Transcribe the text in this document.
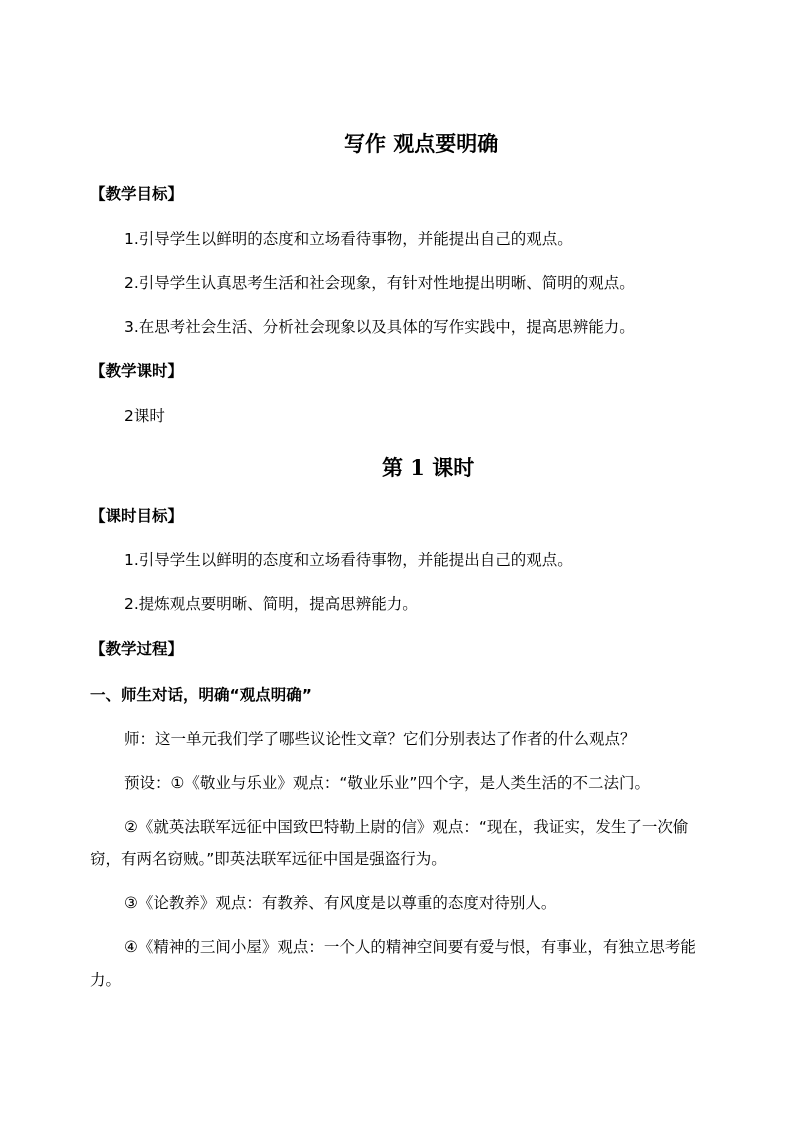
写作 观点要明确
【教学目标】
1.引导学生以鲜明的态度和立场看待事物，并能提出自己的观点。
2.引导学生认真思考生活和社会现象，有针对性地提出明晰、简明的观点。
3.在思考社会生活、分析社会现象以及具体的写作实践中，提高思辨能力。
【教学课时】
2课时
第 1 课时
【课时目标】
1.引导学生以鲜明的态度和立场看待事物，并能提出自己的观点。
2.提炼观点要明晰、简明，提高思辨能力。
【教学过程】
一、师生对话，明确“观点明确”
师：这一单元我们学了哪些议论性文章？它们分别表达了作者的什么观点？
预设：①《敬业与乐业》观点：“敬业乐业”四个字，是人类生活的不二法门。
②《就英法联军远征中国致巴特勒上尉的信》观点：“现在，我证实，发生了一次偷
窃，有两名窃贼。”即英法联军远征中国是强盗行为。
③《论教养》观点：有教养、有风度是以尊重的态度对待别人。
④《精神的三间小屋》观点：一个人的精神空间要有爱与恨，有事业，有独立思考能
力。
